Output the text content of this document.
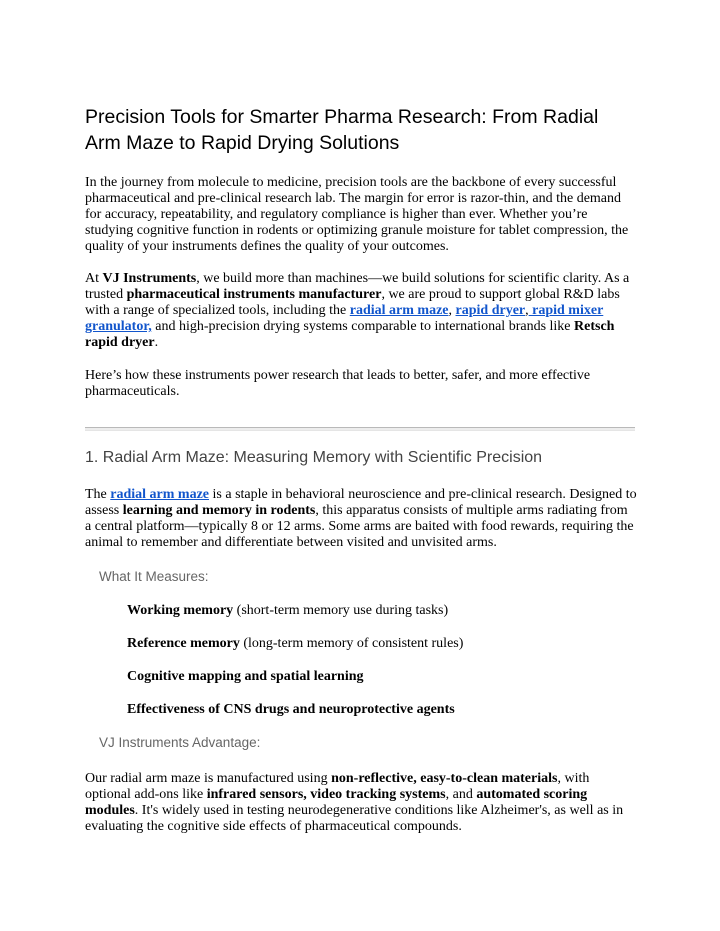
Precision Tools for Smarter Pharma Research: From Radial Arm Maze to Rapid Drying Solutions

In the journey from molecule to medicine, precision tools are the backbone of every successful pharmaceutical and pre-clinical research lab. The margin for error is razor-thin, and the demand for accuracy, repeatability, and regulatory compliance is higher than ever. Whether you’re studying cognitive function in rodents or optimizing granule moisture for tablet compression, the quality of your instruments defines the quality of your outcomes.

At VJ Instruments, we build more than machines—we build solutions for scientific clarity. As a trusted pharmaceutical instruments manufacturer, we are proud to support global R&D labs with a range of specialized tools, including the radial arm maze, rapid dryer, rapid mixer granulator, and high-precision drying systems comparable to international brands like Retsch rapid dryer.

Here’s how these instruments power research that leads to better, safer, and more effective pharmaceuticals.

1. Radial Arm Maze: Measuring Memory with Scientific Precision

The radial arm maze is a staple in behavioral neuroscience and pre-clinical research. Designed to assess learning and memory in rodents, this apparatus consists of multiple arms radiating from a central platform—typically 8 or 12 arms. Some arms are baited with food rewards, requiring the animal to remember and differentiate between visited and unvisited arms.

What It Measures:

Working memory (short-term memory use during tasks)

Reference memory (long-term memory of consistent rules)

Cognitive mapping and spatial learning

Effectiveness of CNS drugs and neuroprotective agents

VJ Instruments Advantage:

Our radial arm maze is manufactured using non-reflective, easy-to-clean materials, with optional add-ons like infrared sensors, video tracking systems, and automated scoring modules. It's widely used in testing neurodegenerative conditions like Alzheimer's, as well as in evaluating the cognitive side effects of pharmaceutical compounds.
